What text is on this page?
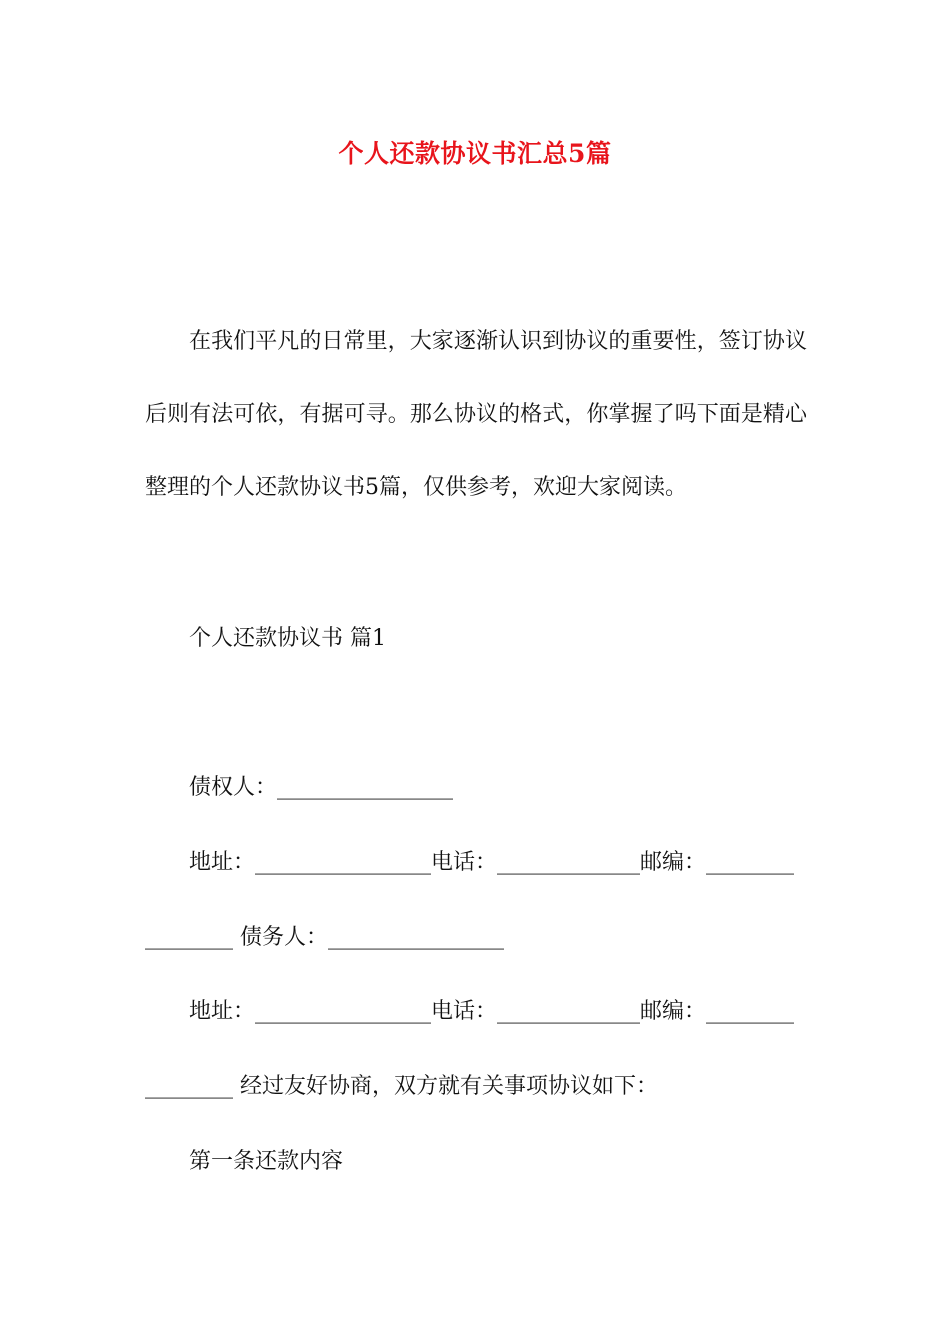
个人还款协议书汇总5篇

在我们平凡的日常里，大家逐渐认识到协议的重要性，签订协议后则有法可依，有据可寻。那么协议的格式，你掌握了吗下面是精心整理的个人还款协议书5篇，仅供参考，欢迎大家阅读。

个人还款协议书 篇1
债权人：________________
地址：________________电话：_____________邮编：________
________ 债务人：________________
地址：________________电话：_____________邮编：________
________ 经过友好协商，双方就有关事项协议如下：
第一条还款内容
